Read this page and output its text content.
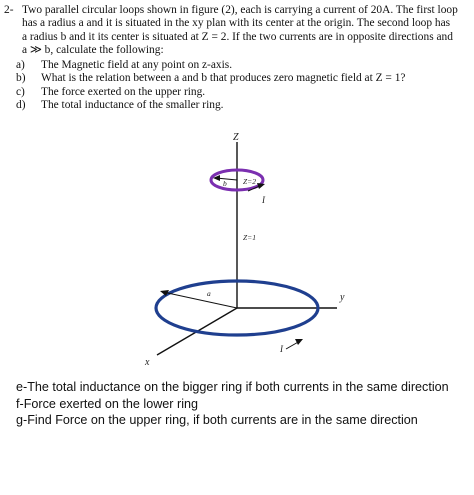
2- Two parallel circular loops shown in figure (2), each is carrying a current of 20A. The first loop
has a radius a and it is situated in the xy plan with its center at the origin. The second loop has
a radius b and it its center is situated at Z = 2. If the two currents are in opposite directions and
a ≫ b, calculate the following:
a)	The Magnetic field at any point on z-axis.
b)	What is the relation between a and b that produces zero magnetic field at Z = 1?
c)	The force exerted on the upper ring.
d)	The total inductance of the smaller ring.
Z
y
x
b Z=2
I
Z=1
a
I
e-The total inductance on the bigger ring if both currents in the same direction
f-Force exerted on the lower ring
g-Find Force on the upper ring, if both currents are in the same direction
